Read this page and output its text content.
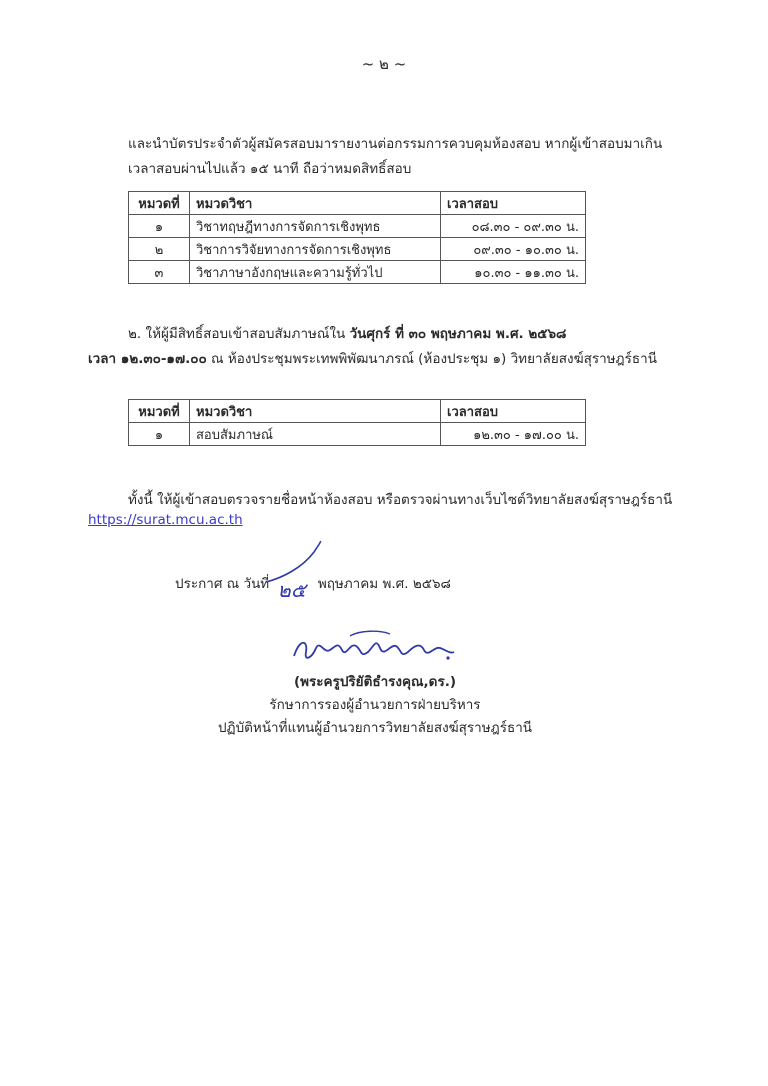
~ ๒ ~
และนำบัตรประจำตัวผู้สมัครสอบมารายงานต่อกรรมการควบคุมห้องสอบ หากผู้เข้าสอบมาเกิน
เวลาสอบผ่านไปแล้ว ๑๕ นาที ถือว่าหมดสิทธิ์สอบ
หมวดที่	หมวดวิชา	เวลาสอบ
๑	วิชาทฤษฎีทางการจัดการเชิงพุทธ	๐๘.๓๐ - ๐๙.๓๐ น.
๒	วิชาการวิจัยทางการจัดการเชิงพุทธ	๐๙.๓๐ - ๑๐.๓๐ น.
๓	วิชาภาษาอังกฤษและความรู้ทั่วไป	๑๐.๓๐ - ๑๑.๓๐ น.
๒. ให้ผู้มีสิทธิ์สอบเข้าสอบสัมภาษณ์ใน วันศุกร์ ที่ ๓๐ พฤษภาคม พ.ศ. ๒๕๖๘
เวลา ๑๒.๓๐-๑๗.๐๐ ณ ห้องประชุมพระเทพพิพัฒนาภรณ์ (ห้องประชุม ๑) วิทยาลัยสงฆ์สุราษฎร์ธานี
หมวดที่	หมวดวิชา	เวลาสอบ
๑	สอบสัมภาษณ์	๑๒.๓๐ - ๑๗.๐๐ น.
ทั้งนี้ ให้ผู้เข้าสอบตรวจรายชื่อหน้าห้องสอบ หรือตรวจผ่านทางเว็บไซต์วิทยาลัยสงฆ์สุราษฎร์ธานี
https://surat.mcu.ac.th
ประกาศ ณ วันที่ ๒๕ พฤษภาคม พ.ศ. ๒๕๖๘
(พระครูปริยัติธำรงคุณ,ดร.)
รักษาการรองผู้อำนวยการฝ่ายบริหาร
ปฏิบัติหน้าที่แทนผู้อำนวยการวิทยาลัยสงฆ์สุราษฎร์ธานี
